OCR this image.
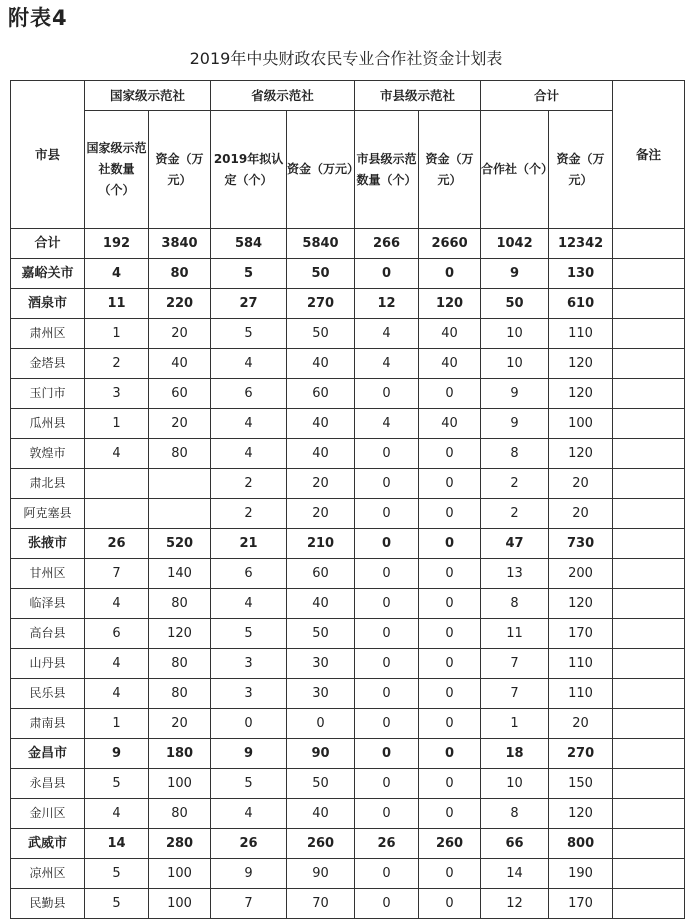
附表4
2019年中央财政农民专业合作社资金计划表
市县	国家级示范社		省级示范社		市县级示范社		合计		备注
	国家级示范社数量（个）	资金（万元）	2019年拟认定（个）	资金（万元）	市县级示范数量（个）	资金（万元）	合作社（个）	资金（万元）	
合计	192	3840	584	5840	266	2660	1042	12342	
嘉峪关市	4	80	5	50	0	0	9	130	
酒泉市	11	220	27	270	12	120	50	610	
肃州区	1	20	5	50	4	40	10	110	
金塔县	2	40	4	40	4	40	10	120	
玉门市	3	60	6	60	0	0	9	120	
瓜州县	1	20	4	40	4	40	9	100	
敦煌市	4	80	4	40	0	0	8	120	
肃北县			2	20	0	0	2	20	
阿克塞县			2	20	0	0	2	20	
张掖市	26	520	21	210	0	0	47	730	
甘州区	7	140	6	60	0	0	13	200	
临泽县	4	80	4	40	0	0	8	120	
高台县	6	120	5	50	0	0	11	170	
山丹县	4	80	3	30	0	0	7	110	
民乐县	4	80	3	30	0	0	7	110	
肃南县	1	20	0	0	0	0	1	20	
金昌市	9	180	9	90	0	0	18	270	
永昌县	5	100	5	50	0	0	10	150	
金川区	4	80	4	40	0	0	8	120	
武威市	14	280	26	260	26	260	66	800	
凉州区	5	100	9	90	0	0	14	190	
民勤县	5	100	7	70	0	0	12	170	
